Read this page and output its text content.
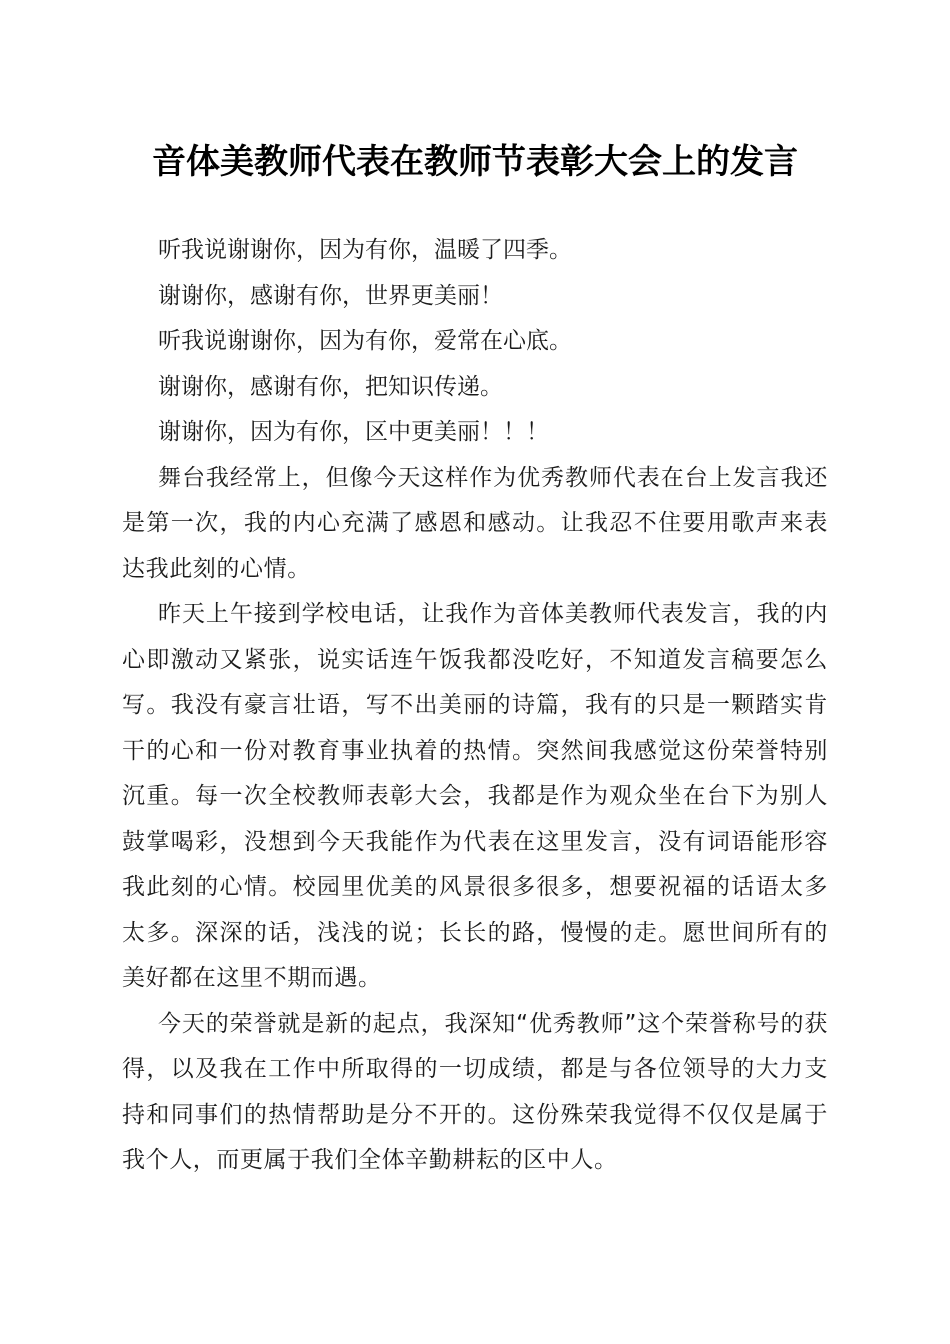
音体美教师代表在教师节表彰大会上的发言

听我说谢谢你，因为有你，温暖了四季。

谢谢你，感谢有你，世界更美丽！

听我说谢谢你，因为有你，爱常在心底。

谢谢你，感谢有你，把知识传递。

谢谢你，因为有你，区中更美丽！！！

舞台我经常上，但像今天这样作为优秀教师代表在台上发言我还是第一次，我的内心充满了感恩和感动。让我忍不住要用歌声来表达我此刻的心情。

昨天上午接到学校电话，让我作为音体美教师代表发言，我的内心即激动又紧张，说实话连午饭我都没吃好，不知道发言稿要怎么写。我没有豪言壮语，写不出美丽的诗篇，我有的只是一颗踏实肯干的心和一份对教育事业执着的热情。突然间我感觉这份荣誉特别沉重。每一次全校教师表彰大会，我都是作为观众坐在台下为别人鼓掌喝彩，没想到今天我能作为代表在这里发言，没有词语能形容我此刻的心情。校园里优美的风景很多很多，想要祝福的话语太多太多。深深的话，浅浅的说；长长的路，慢慢的走。愿世间所有的美好都在这里不期而遇。

今天的荣誉就是新的起点，我深知“优秀教师”这个荣誉称号的获得，以及我在工作中所取得的一切成绩，都是与各位领导的大力支持和同事们的热情帮助是分不开的。这份殊荣我觉得不仅仅是属于我个人，而更属于我们全体辛勤耕耘的区中人。
